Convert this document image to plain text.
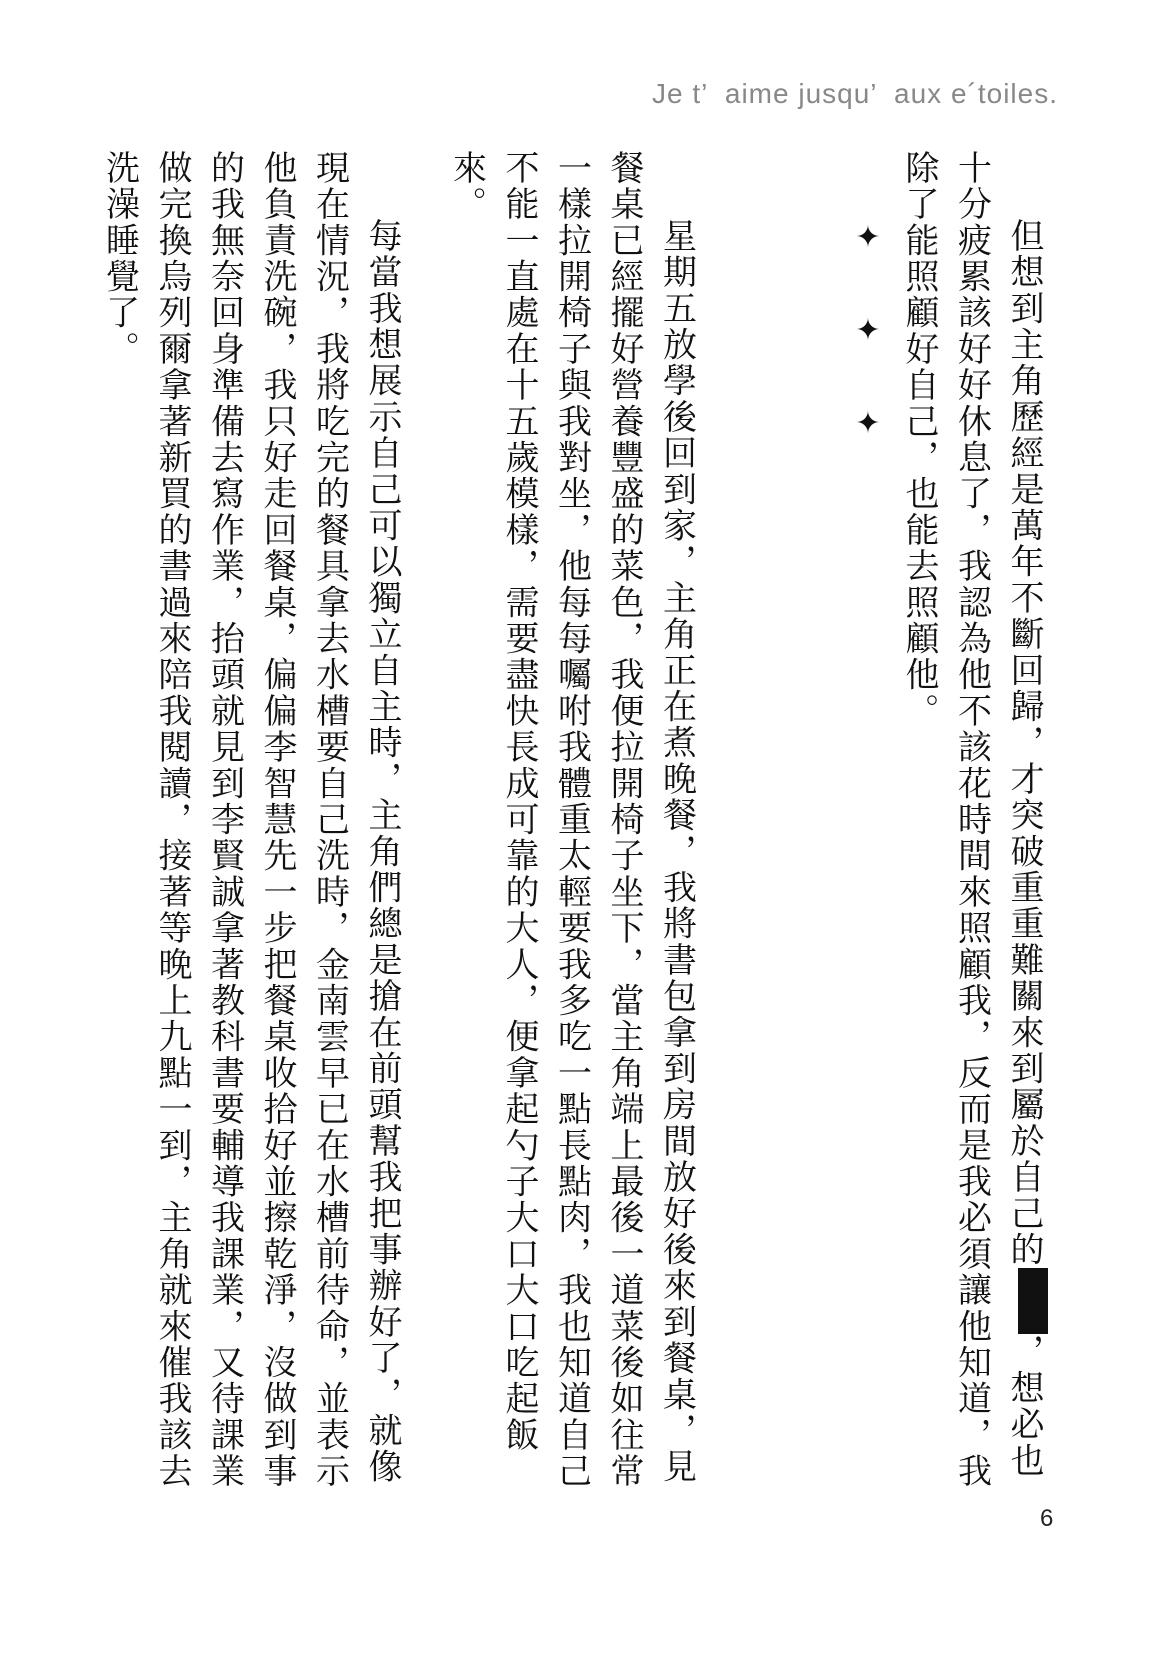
Je t’  aime jusqu’  aux e´toiles.

但想到主角歷經是萬年不斷回歸，才突破重重難關來到屬於自己的，想必也十分疲累該好好休息了，我認為他不該花時間來照顧我，反而是我必須讓他知道，我除了能照顧好自己，也能去照顧他。

✦✦✦

星期五放學後回到家，主角正在煮晚餐，我將書包拿到房間放好後來到餐桌，見餐桌已經擺好營養豐盛的菜色，我便拉開椅子坐下，當主角端上最後一道菜後如往常一樣拉開椅子與我對坐，他每每囑咐我體重太輕要我多吃一點長點肉，我也知道自己不能一直處在十五歲模樣，需要盡快長成可靠的大人，便拿起勺子大口大口吃起飯來。

每當我想展示自己可以獨立自主時，主角們總是搶在前頭幫我把事辦好了，就像現在情況，我將吃完的餐具拿去水槽要自己洗時，金南雲早已在水槽前待命，並表示他負責洗碗，我只好走回餐桌，偏偏李智慧先一步把餐桌收拾好並擦乾淨，沒做到事的我無奈回身準備去寫作業，抬頭就見到李賢誠拿著教科書要輔導我課業，又待課業做完換烏列爾拿著新買的書過來陪我閱讀，接著等晚上九點一到，主角就來催我該去洗澡睡覺了。

6
